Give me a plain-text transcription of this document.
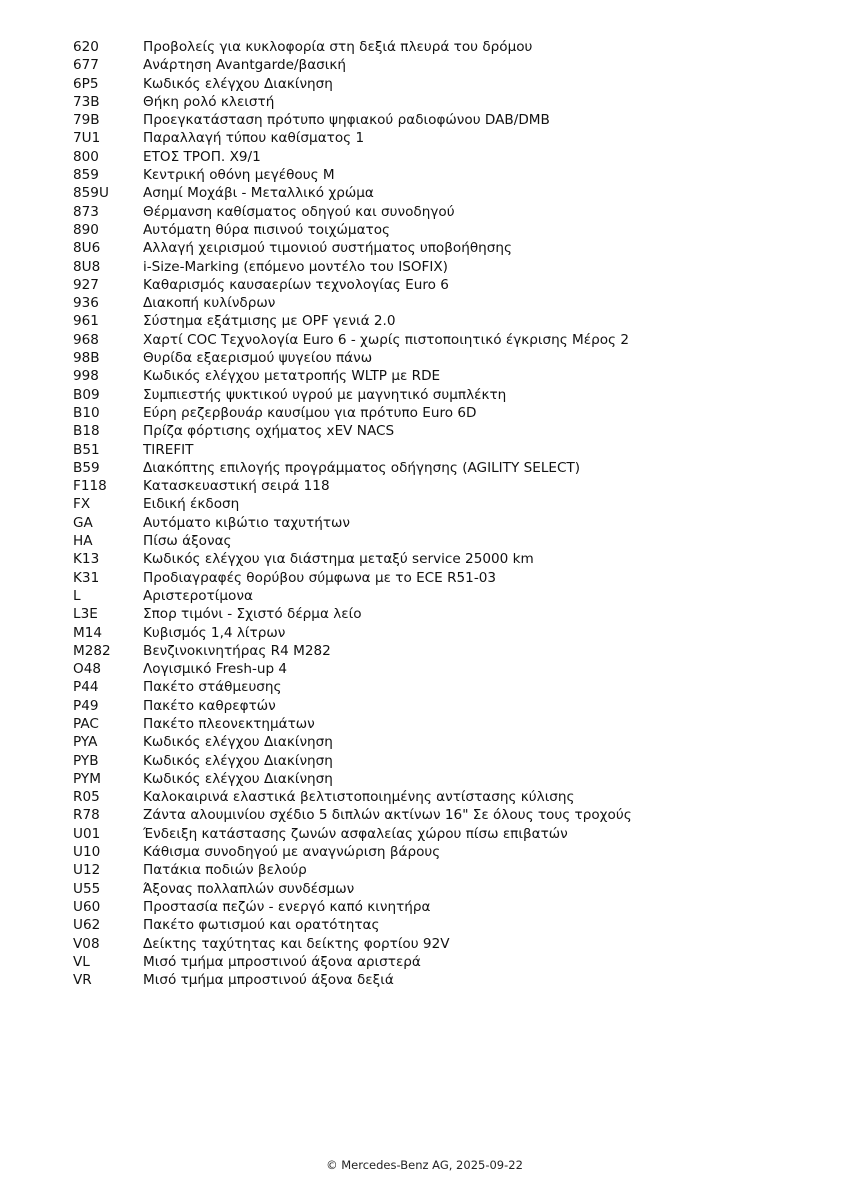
620	Προβολείς για κυκλοφορία στη δεξιά πλευρά του δρόμου
677	Ανάρτηση Avantgarde/βασική
6P5	Κωδικός ελέγχου Διακίνηση
73B	Θήκη ρολό κλειστή
79B	Προεγκατάσταση πρότυπο ψηφιακού ραδιοφώνου DAB/DMB
7U1	Παραλλαγή τύπου καθίσματος 1
800	ΕΤΟΣ ΤΡΟΠ. X9/1
859	Κεντρική οθόνη μεγέθους M
859U	Ασημί Μοχάβι - Μεταλλικό χρώμα
873	Θέρμανση καθίσματος οδηγού και συνοδηγού
890	Αυτόματη θύρα πισινού τοιχώματος
8U6	Αλλαγή χειρισμού τιμονιού συστήματος υποβοήθησης
8U8	i-Size-Marking (επόμενο μοντέλο του ISOFIX)
927	Καθαρισμός καυσαερίων τεχνολογίας Euro 6
936	Διακοπή κυλίνδρων
961	Σύστημα εξάτμισης με OPF γενιά 2.0
968	Χαρτί COC Τεχνολογία Euro 6 - χωρίς πιστοποιητικό έγκρισης Μέρος 2
98B	Θυρίδα εξαερισμού ψυγείου πάνω
998	Κωδικός ελέγχου μετατροπής WLTP με RDE
B09	Συμπιεστής ψυκτικού υγρού με μαγνητικό συμπλέκτη
B10	Εύρη ρεζερβουάρ καυσίμου για πρότυπο Euro 6D
B18	Πρίζα φόρτισης οχήματος xEV NACS
B51	TIREFIT
B59	Διακόπτης επιλογής προγράμματος οδήγησης (AGILITY SELECT)
F118	Κατασκευαστική σειρά 118
FX	Ειδική έκδοση
GA	Αυτόματο κιβώτιο ταχυτήτων
HA	Πίσω άξονας
K13	Κωδικός ελέγχου για διάστημα μεταξύ service 25000 km
K31	Προδιαγραφές θορύβου σύμφωνα με το ECE R51-03
L	Αριστεροτίμονα
L3E	Σπορ τιμόνι - Σχιστό δέρμα λείο
M14	Κυβισμός 1,4 λίτρων
M282	Βενζινοκινητήρας R4 M282
O48	Λογισμικό Fresh-up 4
P44	Πακέτο στάθμευσης
P49	Πακέτο καθρεφτών
PAC	Πακέτο πλεονεκτημάτων
PYA	Κωδικός ελέγχου Διακίνηση
PYB	Κωδικός ελέγχου Διακίνηση
PYM	Κωδικός ελέγχου Διακίνηση
R05	Καλοκαιρινά ελαστικά βελτιστοποιημένης αντίστασης κύλισης
R78	Ζάντα αλουμινίου σχέδιο 5 διπλών ακτίνων 16" Σε όλους τους τροχούς
U01	Ένδειξη κατάστασης ζωνών ασφαλείας χώρου πίσω επιβατών
U10	Κάθισμα συνοδηγού με αναγνώριση βάρους
U12	Πατάκια ποδιών βελούρ
U55	Άξονας πολλαπλών συνδέσμων
U60	Προστασία πεζών - ενεργό καπό κινητήρα
U62	Πακέτο φωτισμού και ορατότητας
V08	Δείκτης ταχύτητας και δείκτης φορτίου 92V
VL	Μισό τμήμα μπροστινού άξονα αριστερά
VR	Μισό τμήμα μπροστινού άξονα δεξιά
© Mercedes-Benz AG, 2025-09-22
